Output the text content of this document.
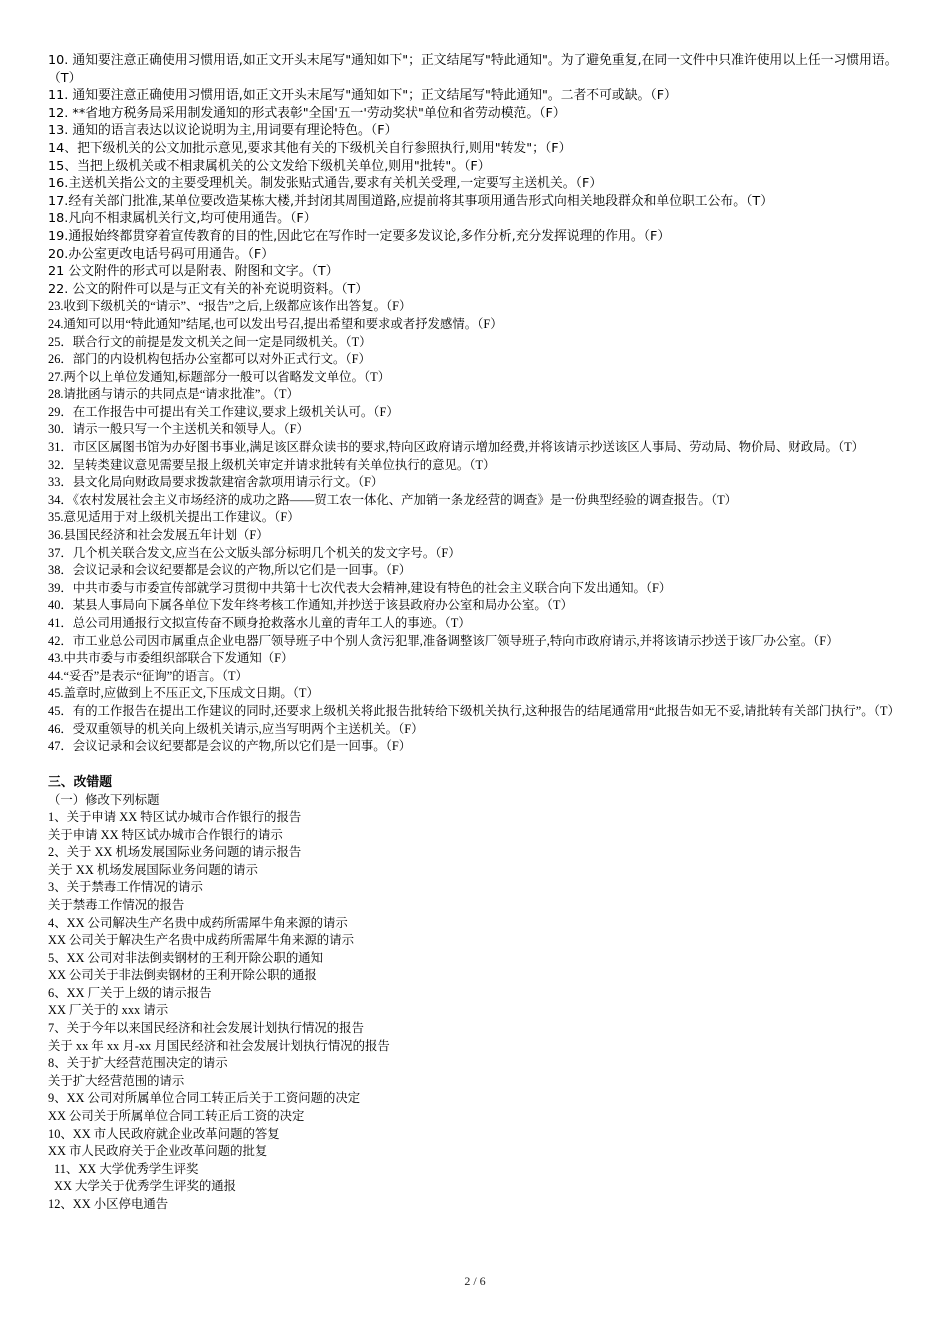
10. 通知要注意正确使用习惯用语,如正文开头末尾写"通知如下"；正文结尾写"特此通知"。为了避免重复,在同一文件中只准许使用以上任一习惯用语。（T）
11. 通知要注意正确使用习惯用语,如正文开头末尾写"通知如下"；正文结尾写"特此通知"。二者不可或缺。（F）
12. **省地方税务局采用制发通知的形式表彰"全国'五一'劳动奖状"单位和省劳动模范。（F）
13. 通知的语言表达以议论说明为主,用词要有理论特色。（F）
14、把下级机关的公文加批示意见,要求其他有关的下级机关自行参照执行,则用"转发"；（F）
15、当把上级机关或不相隶属机关的公文发给下级机关单位,则用"批转"。（F）
16.主送机关指公文的主要受理机关。制发张贴式通告,要求有关机关受理,一定要写主送机关。（F）
17.经有关部门批准,某单位要改造某栋大楼,并封闭其周围道路,应提前将其事项用通告形式向相关地段群众和单位职工公布。（T）
18.凡向不相隶属机关行文,均可使用通告。（F）
19.通报始终都贯穿着宣传教育的目的性,因此它在写作时一定要多发议论,多作分析,充分发挥说理的作用。（F）
20.办公室更改电话号码可用通告。（F）
21 公文附件的形式可以是附表、附图和文字。（T）
22. 公文的附件可以是与正文有关的补充说明资料。（T）
23.收到下级机关的“请示”、“报告”之后,上级都应该作出答复。（F）
24.通知可以用“特此通知”结尾,也可以发出号召,提出希望和要求或者抒发感情。（F）
25．联合行文的前提是发文机关之间一定是同级机关。（T）
26．部门的内设机构包括办公室都可以对外正式行文。（F）
27.两个以上单位发通知,标题部分一般可以省略发文单位。（T）
28.请批函与请示的共同点是“请求批准”。（T）
29．在工作报告中可提出有关工作建议,要求上级机关认可。（F）
30．请示一般只写一个主送机关和领导人。（F）
31．市区区属图书馆为办好图书事业,满足该区群众读书的要求,特向区政府请示增加经费,并将该请示抄送该区人事局、劳动局、物价局、财政局。（T）
32．呈转类建议意见需要呈报上级机关审定并请求批转有关单位执行的意见。（T）
33．县文化局向财政局要求拨款建宿舍款项用请示行文。（F）
34．《农村发展社会主义市场经济的成功之路——贸工农一体化、产加销一条龙经营的调查》是一份典型经验的调查报告。（T）
35.意见适用于对上级机关提出工作建议。（F）
36.县国民经济和社会发展五年计划（F）
37．几个机关联合发文,应当在公文版头部分标明几个机关的发文字号。（F）
38．会议记录和会议纪要都是会议的产物,所以它们是一回事。（F）
39．中共市委与市委宣传部就学习贯彻中共第十七次代表大会精神,建设有特色的社会主义联合向下发出通知。（F）
40．某县人事局向下属各单位下发年终考核工作通知,并抄送于该县政府办公室和局办公室。（T）
41．总公司用通报行文拟宣传奋不顾身抢救落水儿童的青年工人的事迹。（T）
42．市工业总公司因市属重点企业电器厂领导班子中个别人贪污犯罪,准备调整该厂领导班子,特向市政府请示,并将该请示抄送于该厂办公室。（F）
43.中共市委与市委组织部联合下发通知（F）
44.“妥否”是表示“征询”的语言。（T）
45.盖章时,应做到上不压正文,下压成文日期。（T）
45．有的工作报告在提出工作建议的同时,还要求上级机关将此报告批转给下级机关执行,这种报告的结尾通常用“此报告如无不妥,请批转有关部门执行”。（T）
46．受双重领导的机关向上级机关请示,应当写明两个主送机关。（F）
47．会议记录和会议纪要都是会议的产物,所以它们是一回事。（F）
三、改错题
（一）修改下列标题
1、关于申请 XX 特区试办城市合作银行的报告
关于申请 XX 特区试办城市合作银行的请示
2、关于 XX 机场发展国际业务问题的请示报告
关于 XX 机场发展国际业务问题的请示
3、关于禁毒工作情况的请示
关于禁毒工作情况的报告
4、XX 公司解决生产名贵中成药所需犀牛角来源的请示
XX 公司关于解决生产名贵中成药所需犀牛角来源的请示
5、XX 公司对非法倒卖钢材的王利开除公职的通知
XX 公司关于非法倒卖钢材的王利开除公职的通报
6、XX 厂关于上级的请示报告
XX 厂关于的 xxx 请示
7、关于今年以来国民经济和社会发展计划执行情况的报告
关于 xx 年 xx 月-xx 月国民经济和社会发展计划执行情况的报告
8、关于扩大经营范围决定的请示
关于扩大经营范围的请示
9、XX 公司对所属单位合同工转正后关于工资问题的决定
XX 公司关于所属单位合同工转正后工资的决定
10、XX 市人民政府就企业改革问题的答复
XX 市人民政府关于企业改革问题的批复
11、XX 大学优秀学生评奖
XX 大学关于优秀学生评奖的通报
12、XX 小区停电通告
2 / 6
